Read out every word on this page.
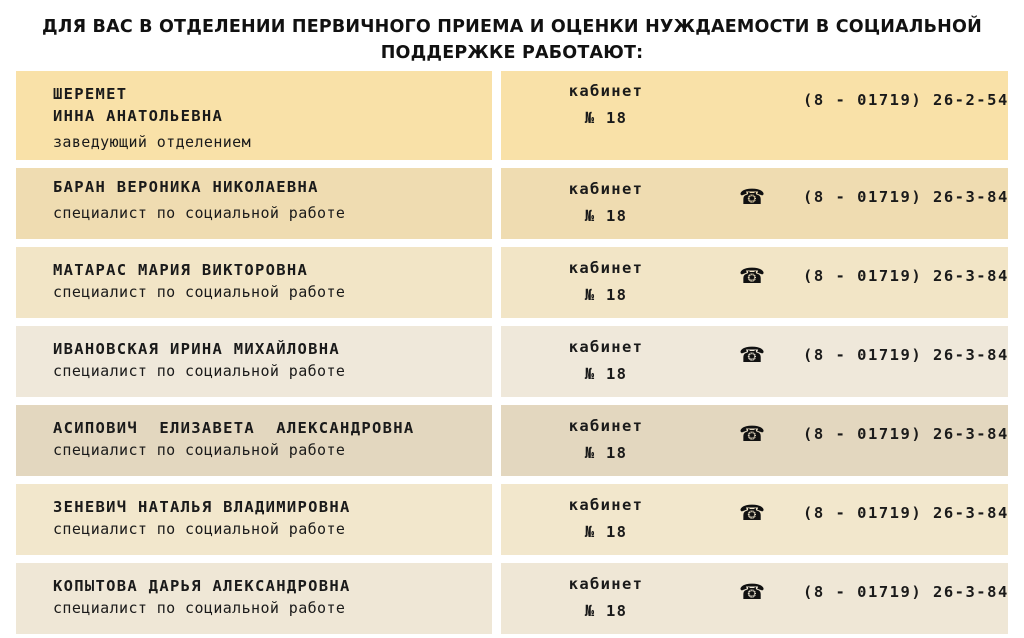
ДЛЯ ВАС В ОТДЕЛЕНИИ ПЕРВИЧНОГО ПРИЕМА И ОЦЕНКИ НУЖДАЕМОСТИ В СОЦИАЛЬНОЙ
ПОДДЕРЖКЕ РАБОТАЮТ:
ШЕРЕМЕТ
ИННА АНАТОЛЬЕВНА
заведующий отделением
кабинет
№ 18
(8 - 01719) 26-2-54
БАРАН ВЕРОНИКА НИКОЛАЕВНА
специалист по социальной работе
кабинет
№ 18
☎ (8 - 01719) 26-3-84
МАТАРАС МАРИЯ ВИКТОРОВНА
специалист по социальной работе
кабинет
№ 18
☎ (8 - 01719) 26-3-84
ИВАНОВСКАЯ ИРИНА МИХАЙЛОВНА
специалист по социальной работе
кабинет
№ 18
☎ (8 - 01719) 26-3-84
АСИПОВИЧ  ЕЛИЗАВЕТА  АЛЕКСАНДРОВНА
специалист по социальной работе
кабинет
№ 18
☎ (8 - 01719) 26-3-84
ЗЕНЕВИЧ НАТАЛЬЯ ВЛАДИМИРОВНА
специалист по социальной работе
кабинет
№ 18
☎ (8 - 01719) 26-3-84
КОПЫТОВА ДАРЬЯ АЛЕКСАНДРОВНА
специалист по социальной работе
кабинет
№ 18
☎ (8 - 01719) 26-3-84
